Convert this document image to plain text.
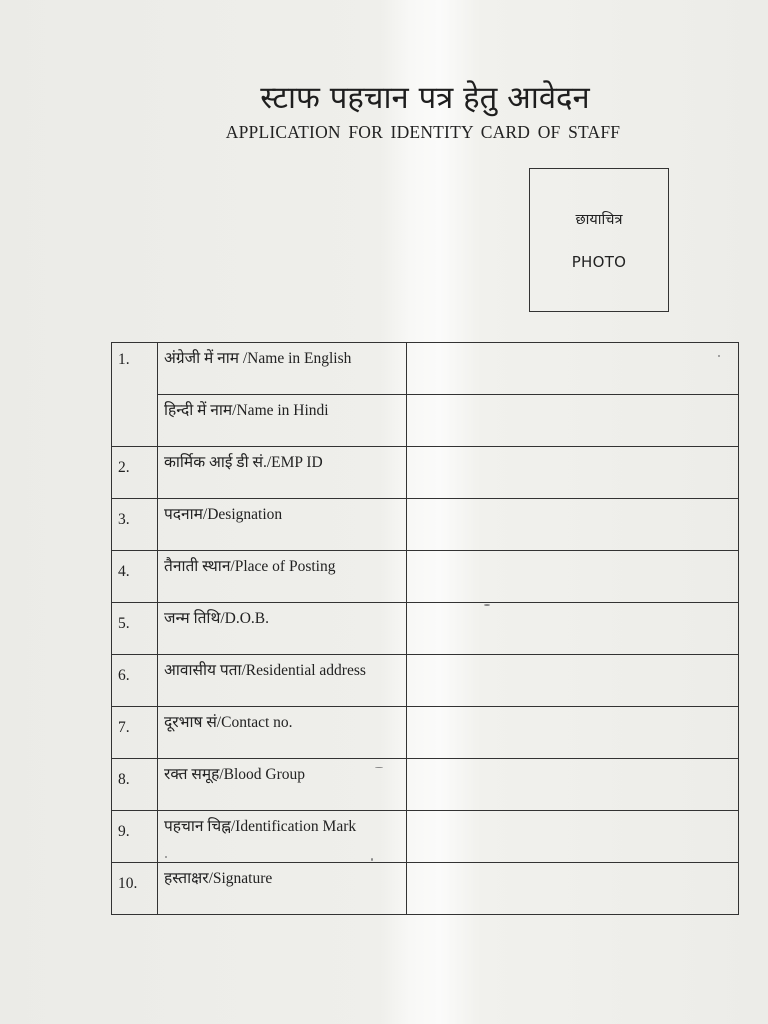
स्टाफ पहचान पत्र हेतु आवेदन
APPLICATION FOR IDENTITY CARD OF STAFF
छायाचित्र
PHOTO
1.	अंग्रेजी में नाम /Name in English	
	हिन्दी में नाम/Name in Hindi	
2.	कार्मिक आई डी सं./EMP ID	
3.	पदनाम/Designation	
4.	तैनाती स्थान/Place of Posting	
5.	जन्म तिथि/D.O.B.	
6.	आवासीय पता/Residential address	
7.	दूरभाष सं/Contact no.	
8.	रक्त समूह/Blood Group	
9.	पहचान चिह्न/Identification Mark	
10.	हस्ताक्षर/Signature	
